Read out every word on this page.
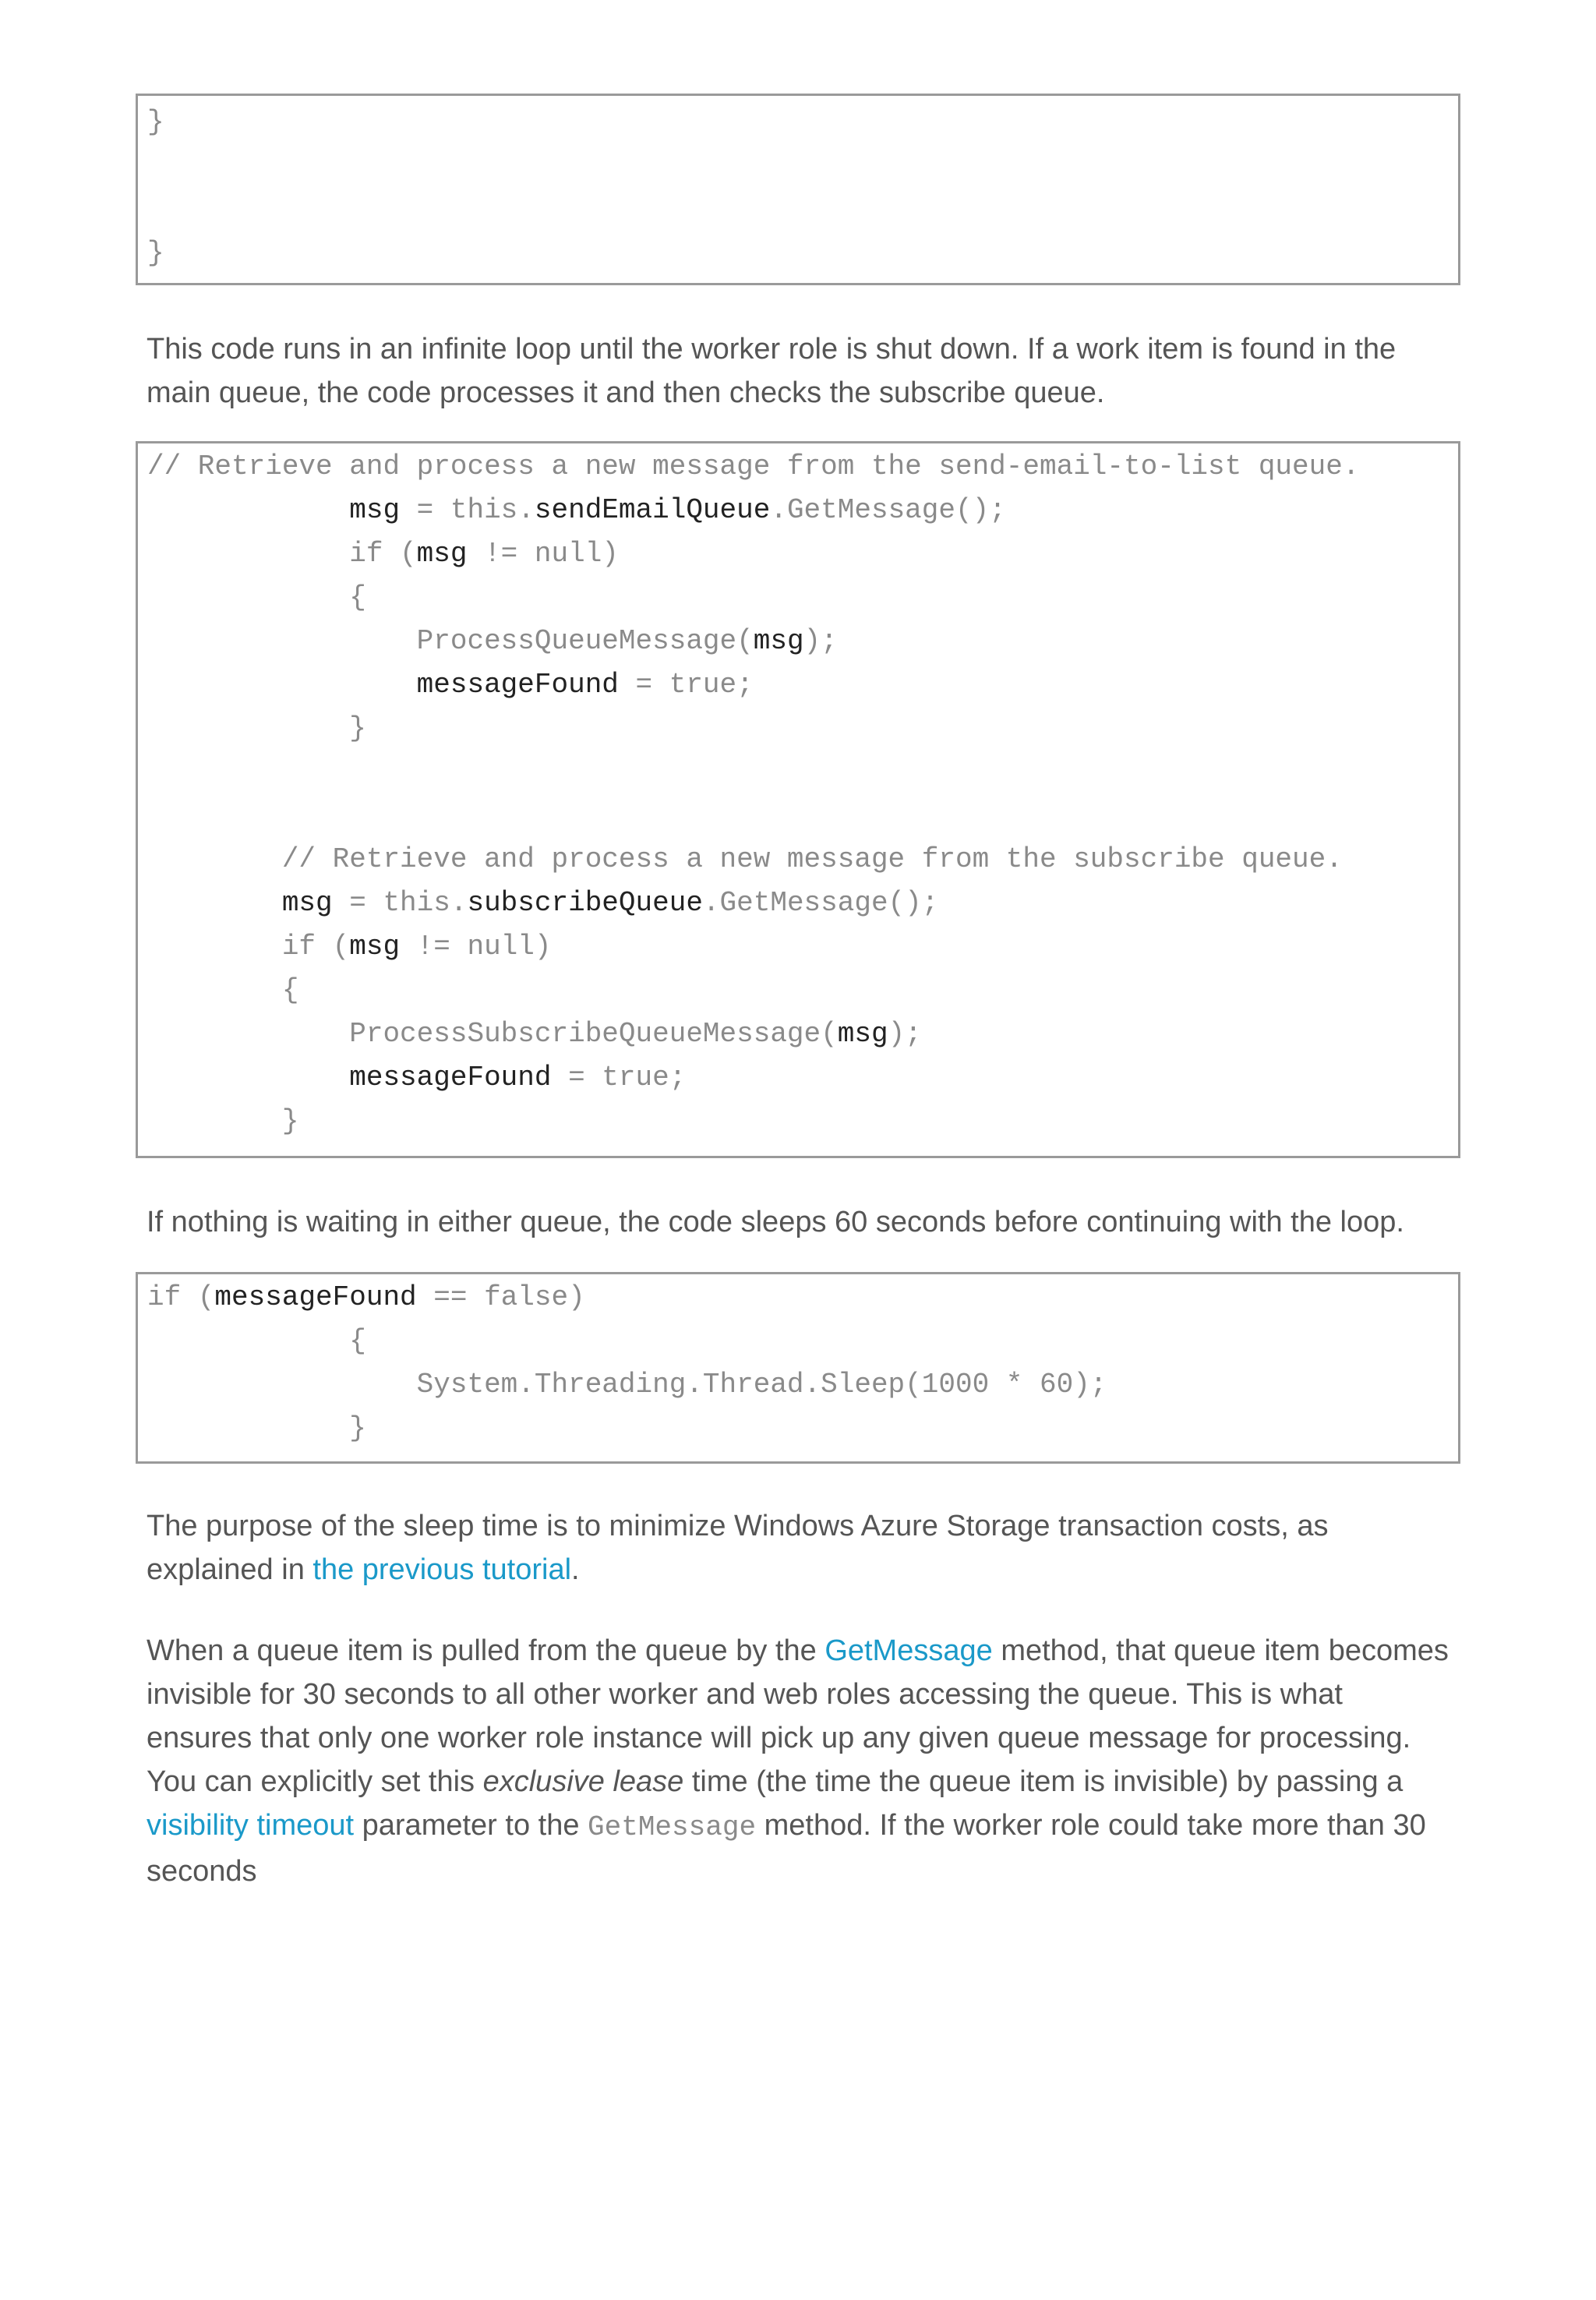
}
}

This code runs in an infinite loop until the worker role is shut down. If a work item is found in the main queue, the code processes it and then checks the subscribe queue.

// Retrieve and process a new message from the send-email-to-list queue.
msg = this.sendEmailQueue.GetMessage();
if (msg != null)
{
ProcessQueueMessage(msg);
messageFound = true;
}
// Retrieve and process a new message from the subscribe queue.
msg = this.subscribeQueue.GetMessage();
if (msg != null)
{
ProcessSubscribeQueueMessage(msg);
messageFound = true;
}

If nothing is waiting in either queue, the code sleeps 60 seconds before continuing with the loop.

if (messageFound == false)
{
System.Threading.Thread.Sleep(1000 * 60);
}

The purpose of the sleep time is to minimize Windows Azure Storage transaction costs, as explained in the previous tutorial.

When a queue item is pulled from the queue by the GetMessage method, that queue item becomes invisible for 30 seconds to all other worker and web roles accessing the queue. This is what ensures that only one worker role instance will pick up any given queue message for processing. You can explicitly set this exclusive lease time (the time the queue item is invisible) by passing a visibility timeout parameter to the GetMessage method. If the worker role could take more than 30 seconds
